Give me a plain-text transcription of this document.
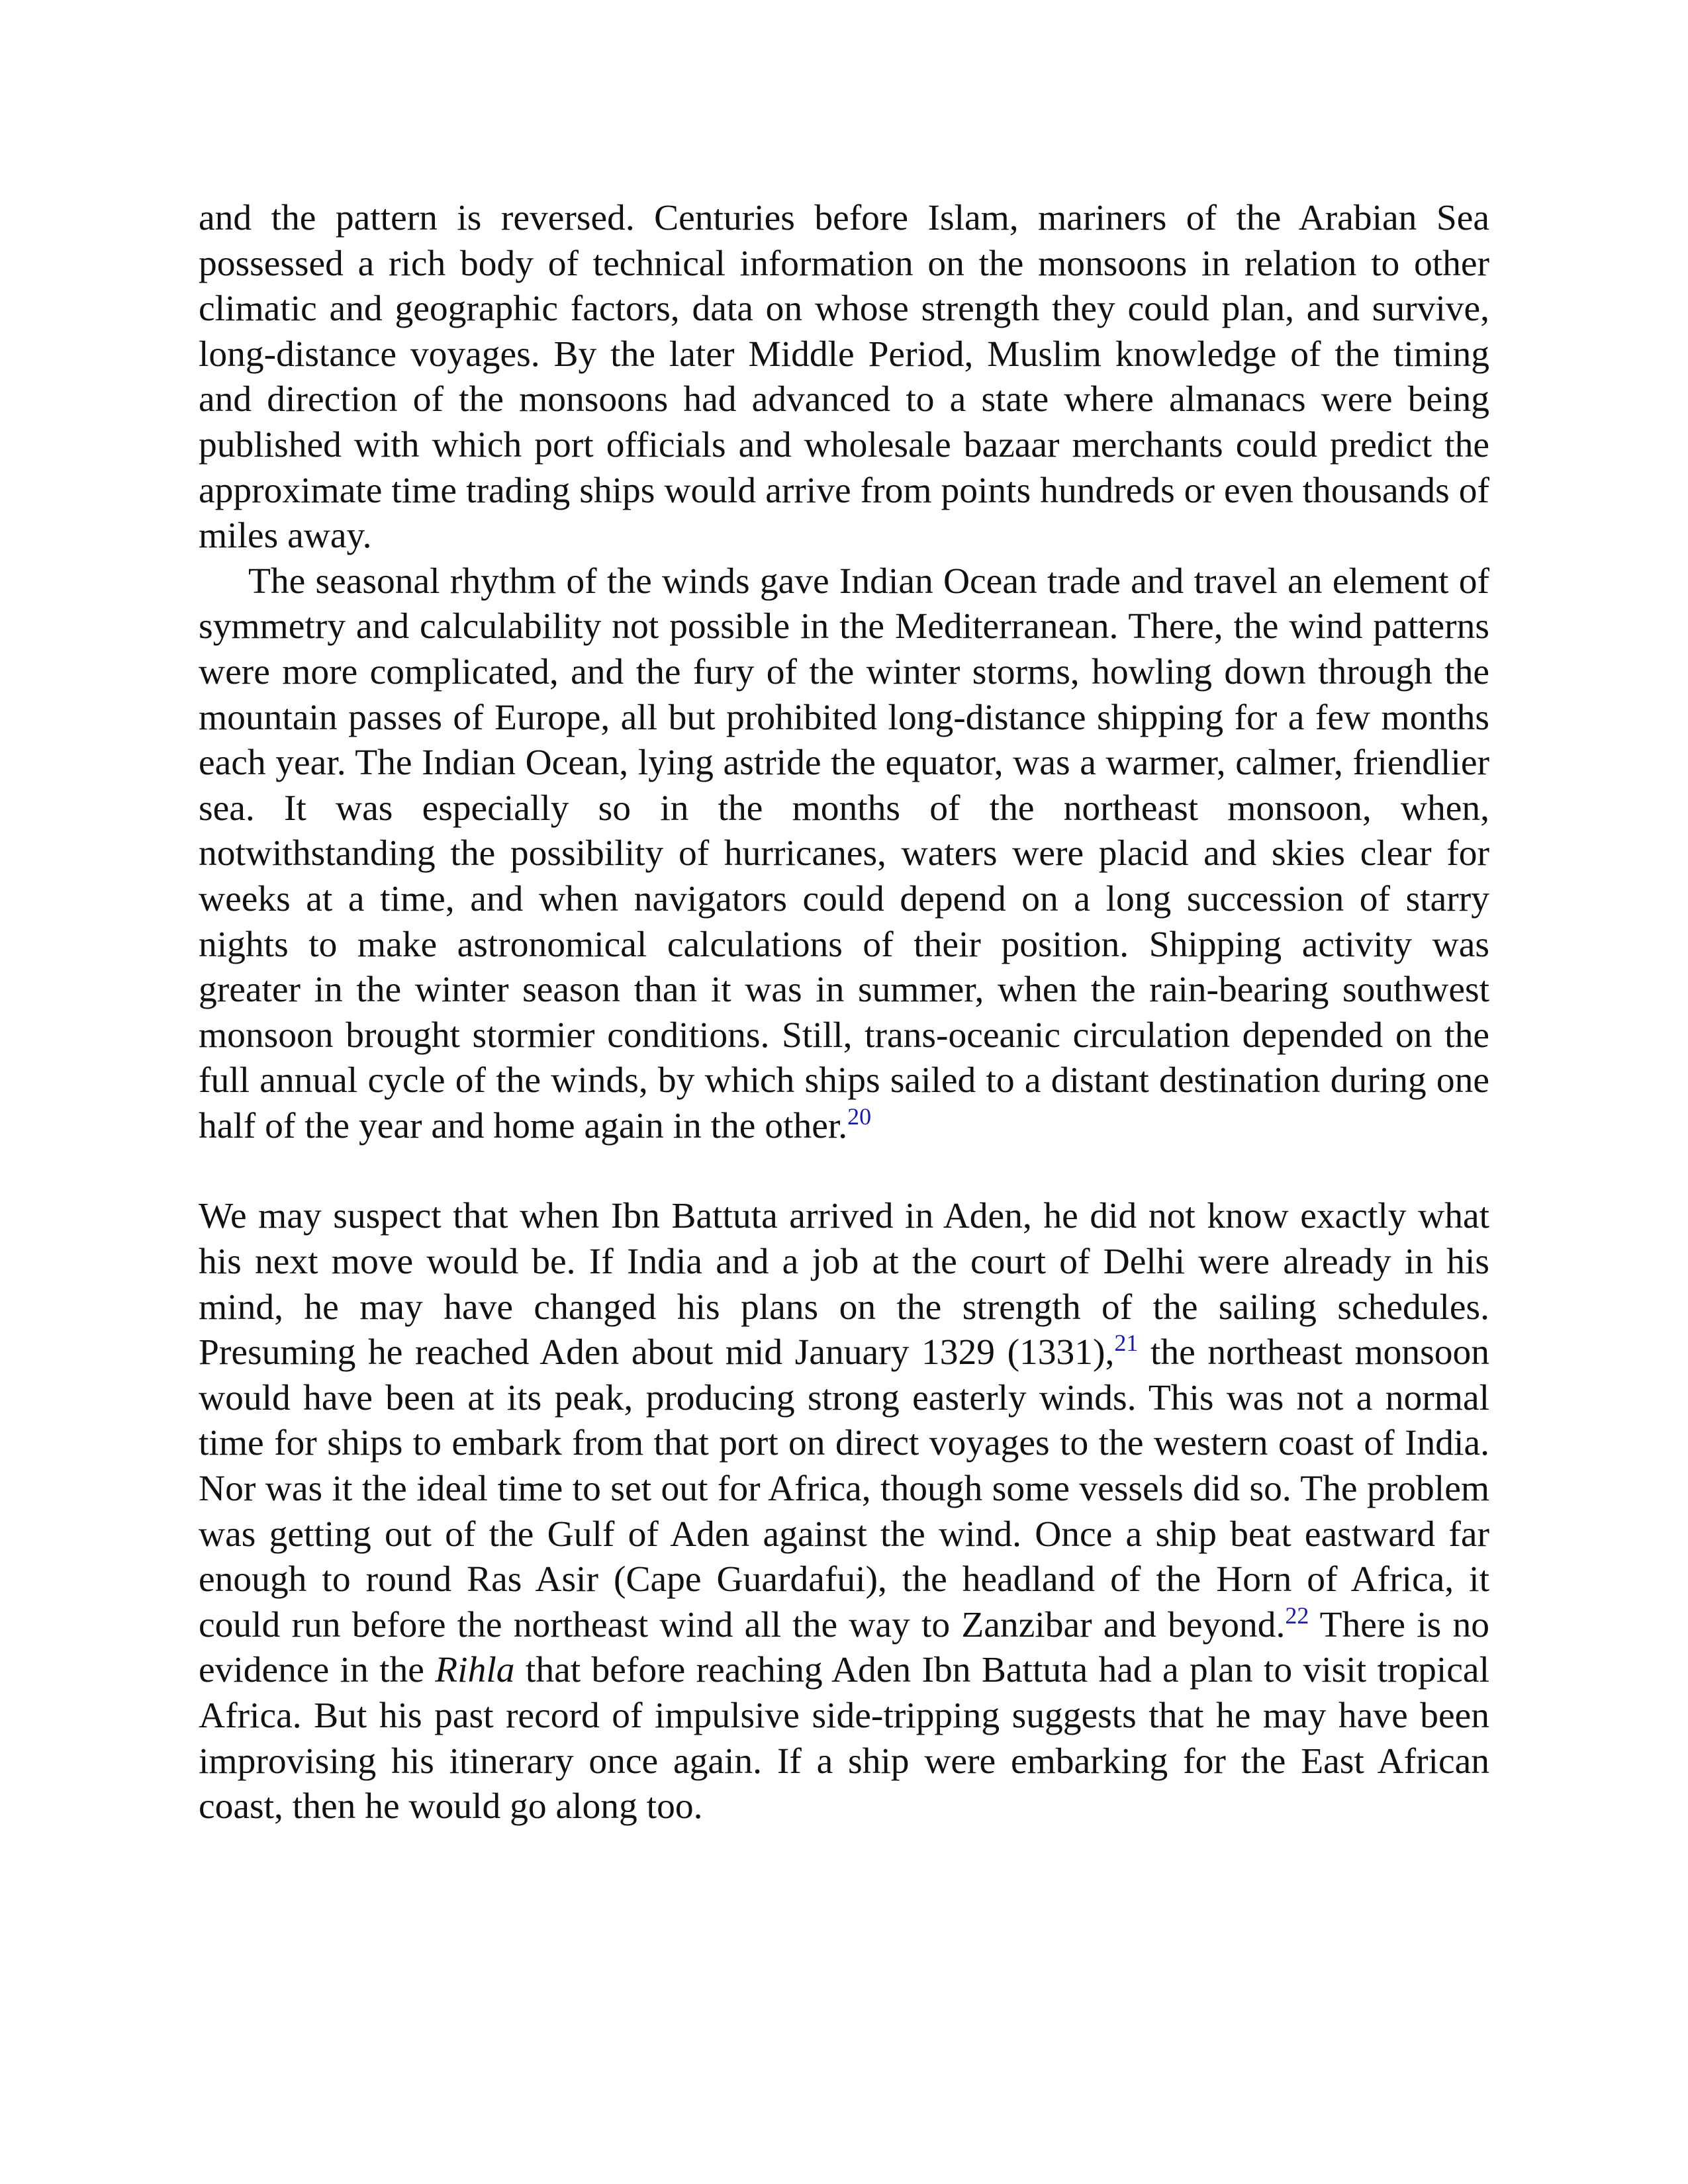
and the pattern is reversed. Centuries before Islam, mariners of the Arabian Sea possessed a rich body of technical information on the monsoons in relation to other climatic and geographic factors, data on whose strength they could plan, and survive, long-distance voyages. By the later Middle Period, Muslim knowledge of the timing and direction of the monsoons had advanced to a state where almanacs were being published with which port officials and wholesale bazaar merchants could predict the approximate time trading ships would arrive from points hundreds or even thousands of miles away.

The seasonal rhythm of the winds gave Indian Ocean trade and travel an element of symmetry and calculability not possible in the Mediterranean. There, the wind patterns were more complicated, and the fury of the winter storms, howling down through the mountain passes of Europe, all but prohibited long-distance shipping for a few months each year. The Indian Ocean, lying astride the equator, was a warmer, calmer, friendlier sea. It was especially so in the months of the northeast monsoon, when, notwithstanding the possibility of hurricanes, waters were placid and skies clear for weeks at a time, and when navigators could depend on a long succession of starry nights to make astronomical calculations of their position. Shipping activity was greater in the winter season than it was in summer, when the rain-bearing southwest monsoon brought stormier conditions. Still, trans-oceanic circulation depended on the full annual cycle of the winds, by which ships sailed to a distant destination during one half of the year and home again in the other.$^{20}$

We may suspect that when Ibn Battuta arrived in Aden, he did not know exactly what his next move would be. If India and a job at the court of Delhi were already in his mind, he may have changed his plans on the strength of the sailing schedules. Presuming he reached Aden about mid January 1329 (1331),$^{21}$ the northeast monsoon would have been at its peak, producing strong easterly winds. This was not a normal time for ships to embark from that port on direct voyages to the western coast of India. Nor was it the ideal time to set out for Africa, though some vessels did so. The problem was getting out of the Gulf of Aden against the wind. Once a ship beat eastward far enough to round Ras Asir (Cape Guardafui), the headland of the Horn of Africa, it could run before the northeast wind all the way to Zanzibar and beyond.$^{22}$ There is no evidence in the Rihla that before reaching Aden Ibn Battuta had a plan to visit tropical Africa. But his past record of impulsive side-tripping suggests that he may have been improvising his itinerary once again. If a ship were embarking for the East African coast, then he would go along too.
